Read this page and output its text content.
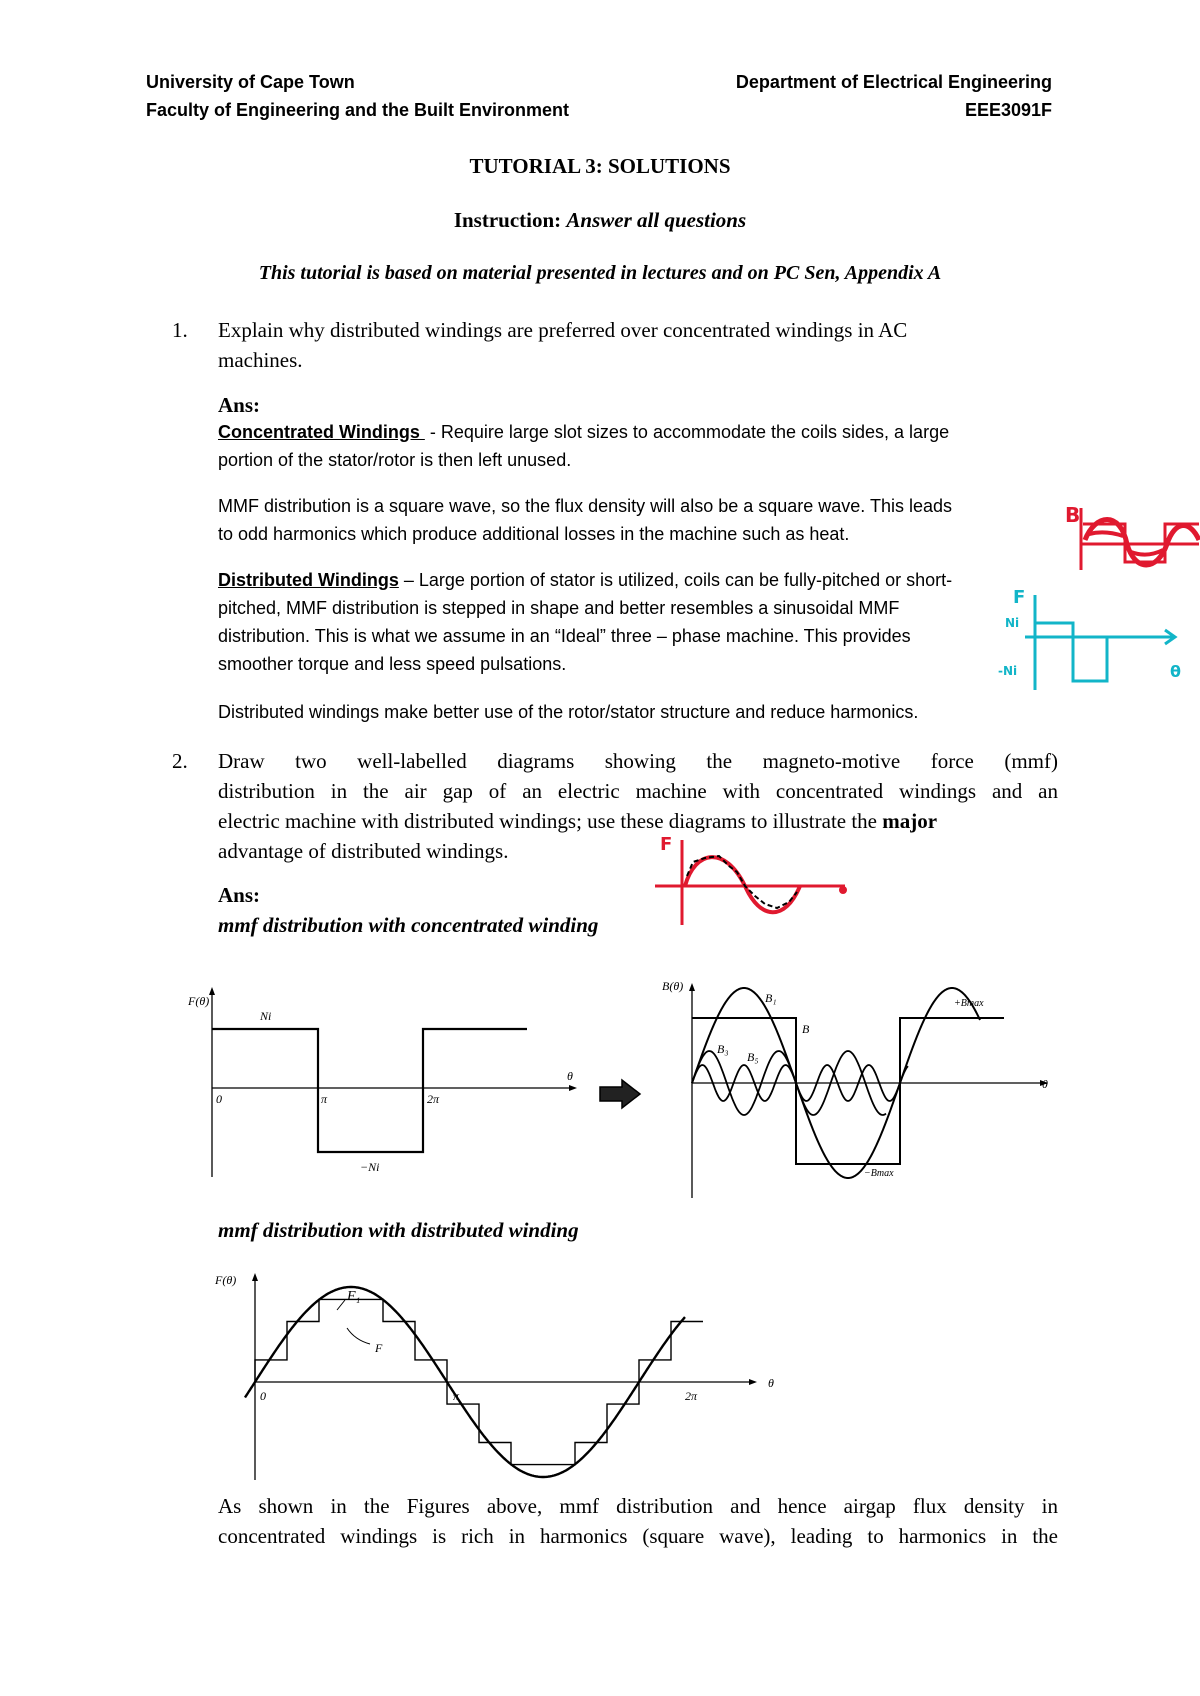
University of Cape Town
Faculty of Engineering and the Built Environment
Department of Electrical Engineering
EEE3091F
TUTORIAL 3: SOLUTIONS
Instruction: Answer all questions
This tutorial is based on material presented in lectures and on PC Sen, Appendix A
1. Explain why distributed windings are preferred over concentrated windings in AC
machines.
Ans:
Concentrated Windings  - Require large slot sizes to accommodate the coils sides, a large
portion of the stator/rotor is then left unused.
MMF distribution is a square wave, so the flux density will also be a square wave. This leads
to odd harmonics which produce additional losses in the machine such as heat.
Distributed Windings – Large portion of stator is utilized, coils can be fully-pitched or short-
pitched, MMF distribution is stepped in shape and better resembles a sinusoidal MMF
distribution. This is what we assume in an “Ideal” three – phase machine. This provides
smoother torque and less speed pulsations.
Distributed windings make better use of the rotor/stator structure and reduce harmonics.
2. Draw two well-labelled diagrams showing the magneto-motive force (mmf)
distribution in the air gap of an electric machine with concentrated windings and an
electric machine with distributed windings; use these diagrams to illustrate the major
advantage of distributed windings.
Ans:
mmf distribution with concentrated winding
F(θ)
Ni
−Ni
0	π	2π
θ
B(θ)
B₁
B
B₃
B₅
+Bmax
−Bmax
θ
mmf distribution with distributed winding
F(θ)
F₁
F
0	π	2π
θ
As shown in the Figures above, mmf distribution and hence airgap flux density in
concentrated windings is rich in harmonics (square wave), leading to harmonics in the
B
F
Ni
-Ni	θ
F
